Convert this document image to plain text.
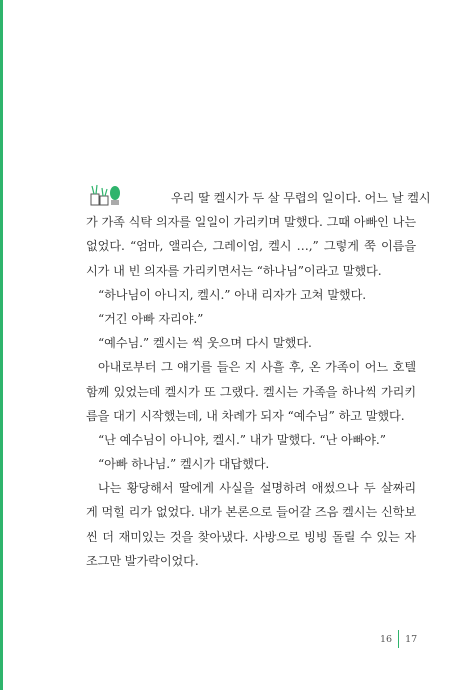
우리 딸 켈시가 두 살 무렵의 일이다. 어느 날 켈시
가 가족 식탁 의자를 일일이 가리키며 말했다. 그때 아빠인 나는
없었다. “엄마, 앨리슨, 그레이엄, 켈시 …,” 그렇게 쭉 이름을
시가 내 빈 의자를 가리키면서는 “하나님”이라고 말했다.
“하나님이 아니지, 켈시.” 아내 리자가 고쳐 말했다.
“거긴 아빠 자리야.”
“예수님.” 켈시는 씩 웃으며 다시 말했다.
아내로부터 그 얘기를 들은 지 사흘 후, 온 가족이 어느 호텔
함께 있었는데 켈시가 또 그랬다. 켈시는 가족을 하나씩 가리키
름을 대기 시작했는데, 내 차례가 되자 “예수님” 하고 말했다.
“난 예수님이 아니야, 켈시.” 내가 말했다. “난 아빠야.”
“아빠 하나님.” 켈시가 대답했다.
나는 황당해서 딸에게 사실을 설명하려 애썼으나 두 살짜리
게 먹힐 리가 없었다. 내가 본론으로 들어갈 즈음 켈시는 신학보
씬 더 재미있는 것을 찾아냈다. 사방으로 빙빙 돌릴 수 있는 자
조그만 발가락이었다.
16 17
